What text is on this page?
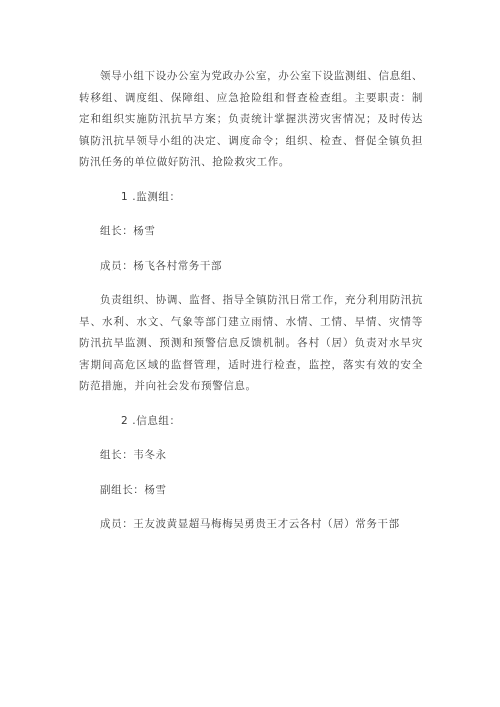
领导小组下设办公室为党政办公室，办公室下设监测组、信息组、转移组、调度组、保障组、应急抢险组和督查检查组。主要职责：制定和组织实施防汛抗旱方案；负责统计掌握洪涝灾害情况；及时传达镇防汛抗旱领导小组的决定、调度命令；组织、检查、督促全镇负担防汛任务的单位做好防汛、抢险救灾工作。

1 .监测组：

组长：杨雪

成员：杨飞各村常务干部

负责组织、协调、监督、指导全镇防汛日常工作，充分利用防汛抗旱、水利、水文、气象等部门建立雨情、水情、工情、旱情、灾情等防汛抗旱监测、预测和预警信息反馈机制。各村（居）负责对水旱灾害期间高危区域的监督管理，适时进行检查，监控，落实有效的安全防范措施，并向社会发布预警信息。

2 .信息组：

组长：韦冬永

副组长：杨雪

成员：王友波黄显超马梅梅吴勇贵王才云各村（居）常务干部
